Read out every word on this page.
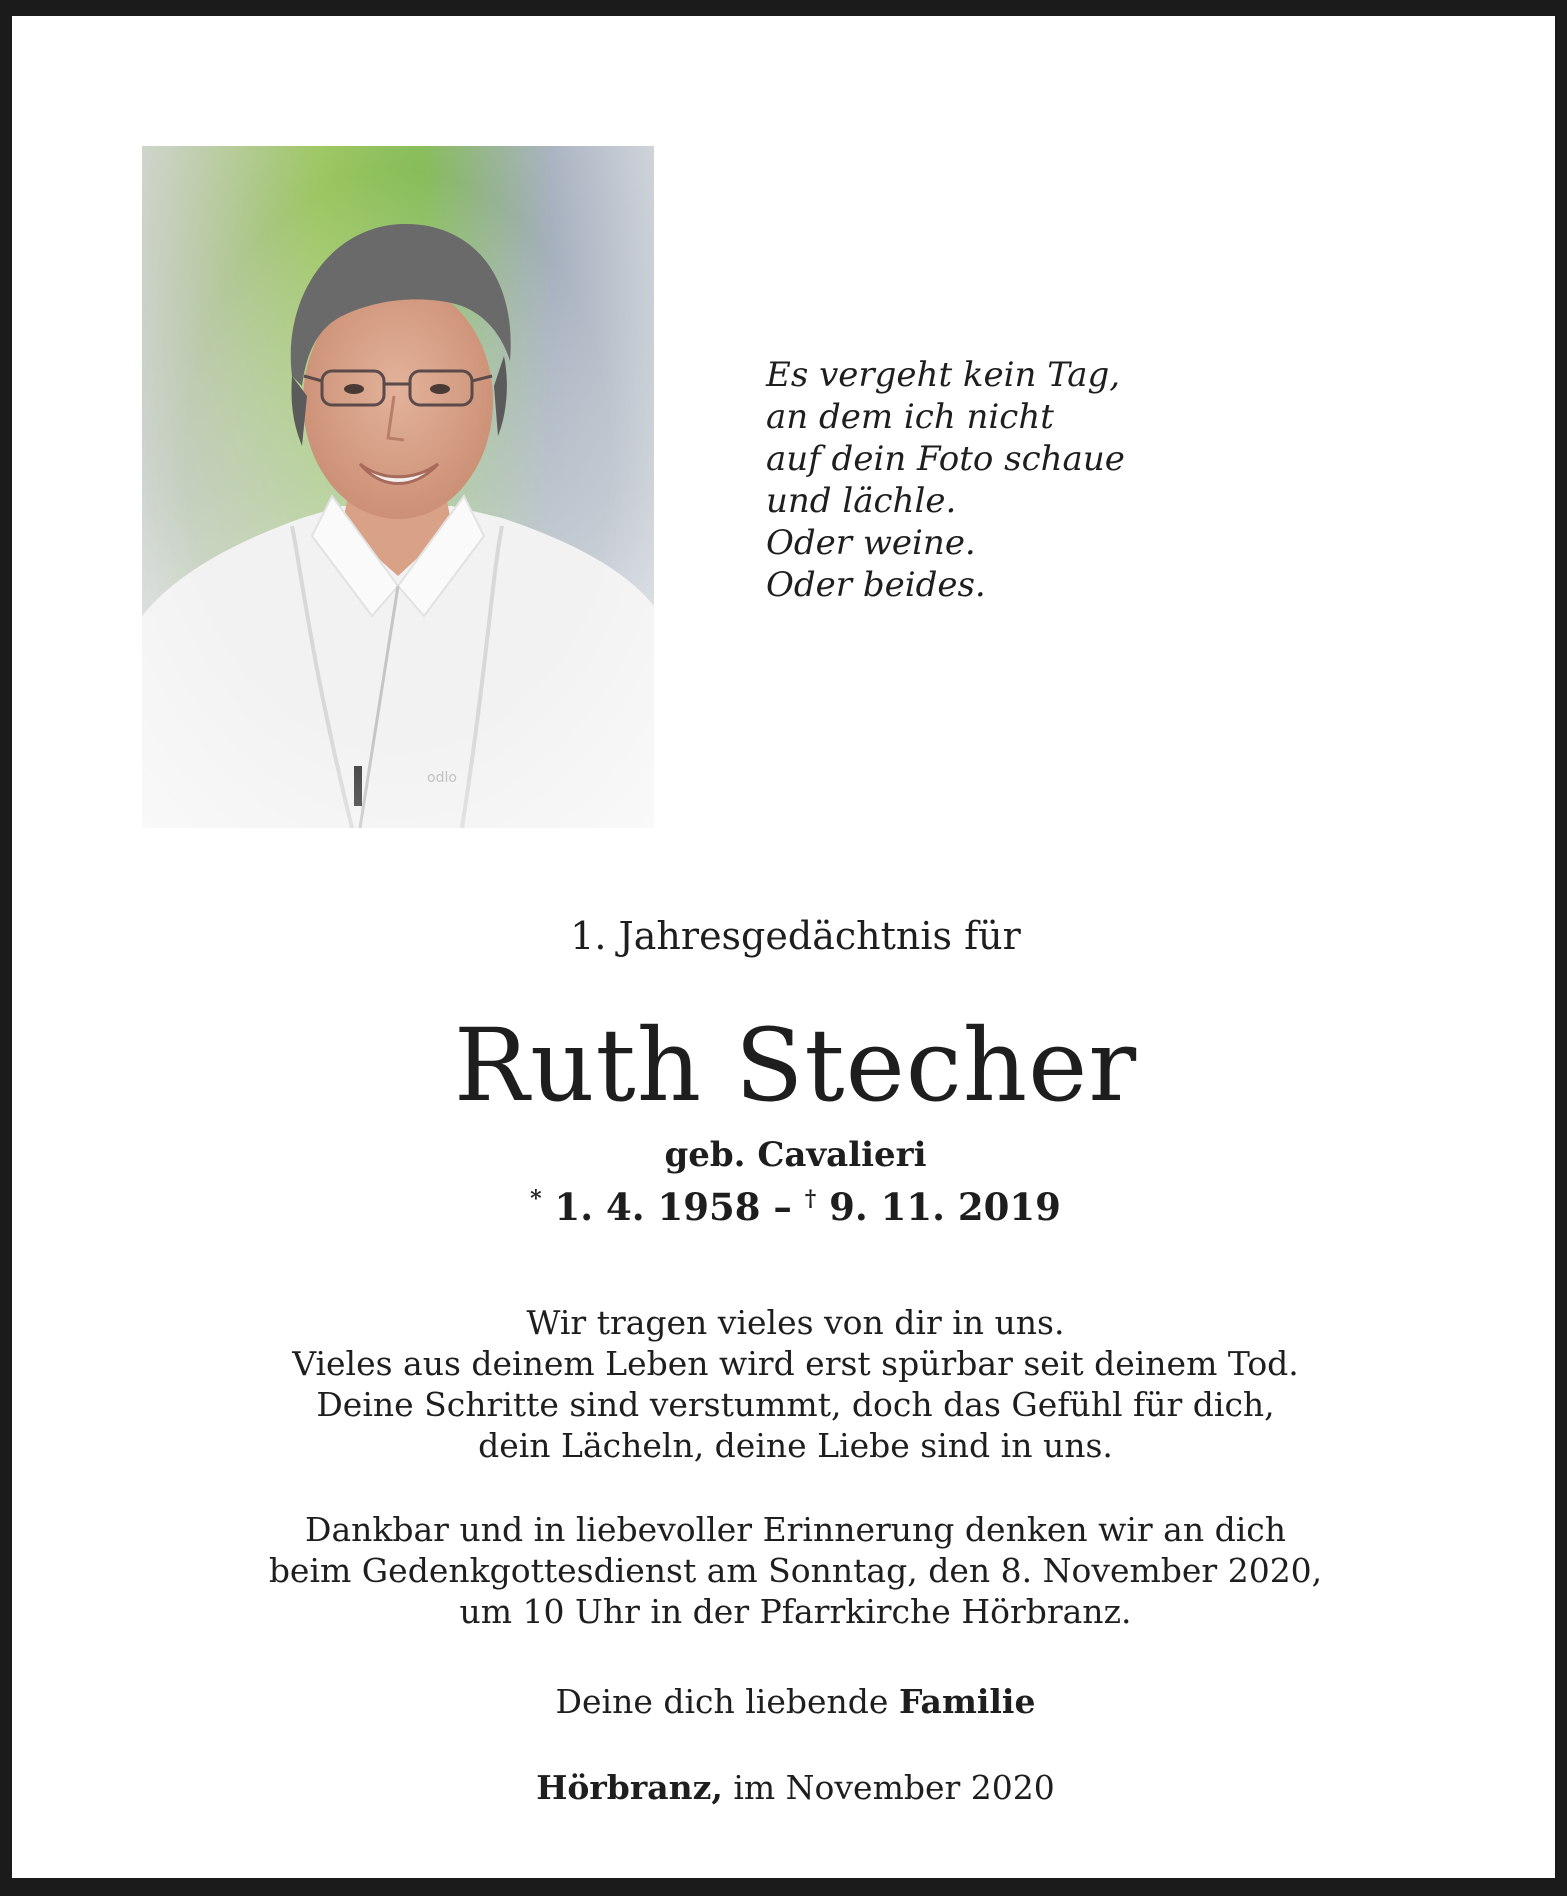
Es vergeht kein Tag,
an dem ich nicht
auf dein Foto schaue
und lächle.
Oder weine.
Oder beides.
1. Jahresgedächtnis für
Ruth Stecher
geb. Cavalieri
* 1. 4. 1958 – † 9. 11. 2019
Wir tragen vieles von dir in uns.
Vieles aus deinem Leben wird erst spürbar seit deinem Tod.
Deine Schritte sind verstummt, doch das Gefühl für dich,
dein Lächeln, deine Liebe sind in uns.
Dankbar und in liebevoller Erinnerung denken wir an dich
beim Gedenkgottesdienst am Sonntag, den 8. November 2020,
um 10 Uhr in der Pfarrkirche Hörbranz.
Deine dich liebende Familie
Hörbranz, im November 2020
